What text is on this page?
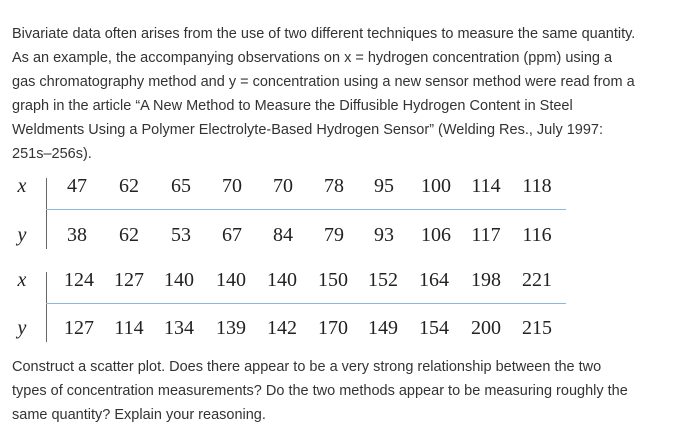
Bivariate data often arises from the use of two different techniques to measure the same quantity.
As an example, the accompanying observations on x = hydrogen concentration (ppm) using a
gas chromatography method and y = concentration using a new sensor method were read from a
graph in the article “A New Method to Measure the Diffusible Hydrogen Content in Steel
Weldments Using a Polymer Electrolyte-Based Hydrogen Sensor” (Welding Res., July 1997:
251s–256s).
x
y
47 62 65 70 70 78 95 100 114 118
38 62 53 67 84 79 93 106 117 116
x
y
124 127 140 140 140 150 152 164 198 221
127 114 134 139 142 170 149 154 200 215
Construct a scatter plot. Does there appear to be a very strong relationship between the two
types of concentration measurements? Do the two methods appear to be measuring roughly the
same quantity? Explain your reasoning.
